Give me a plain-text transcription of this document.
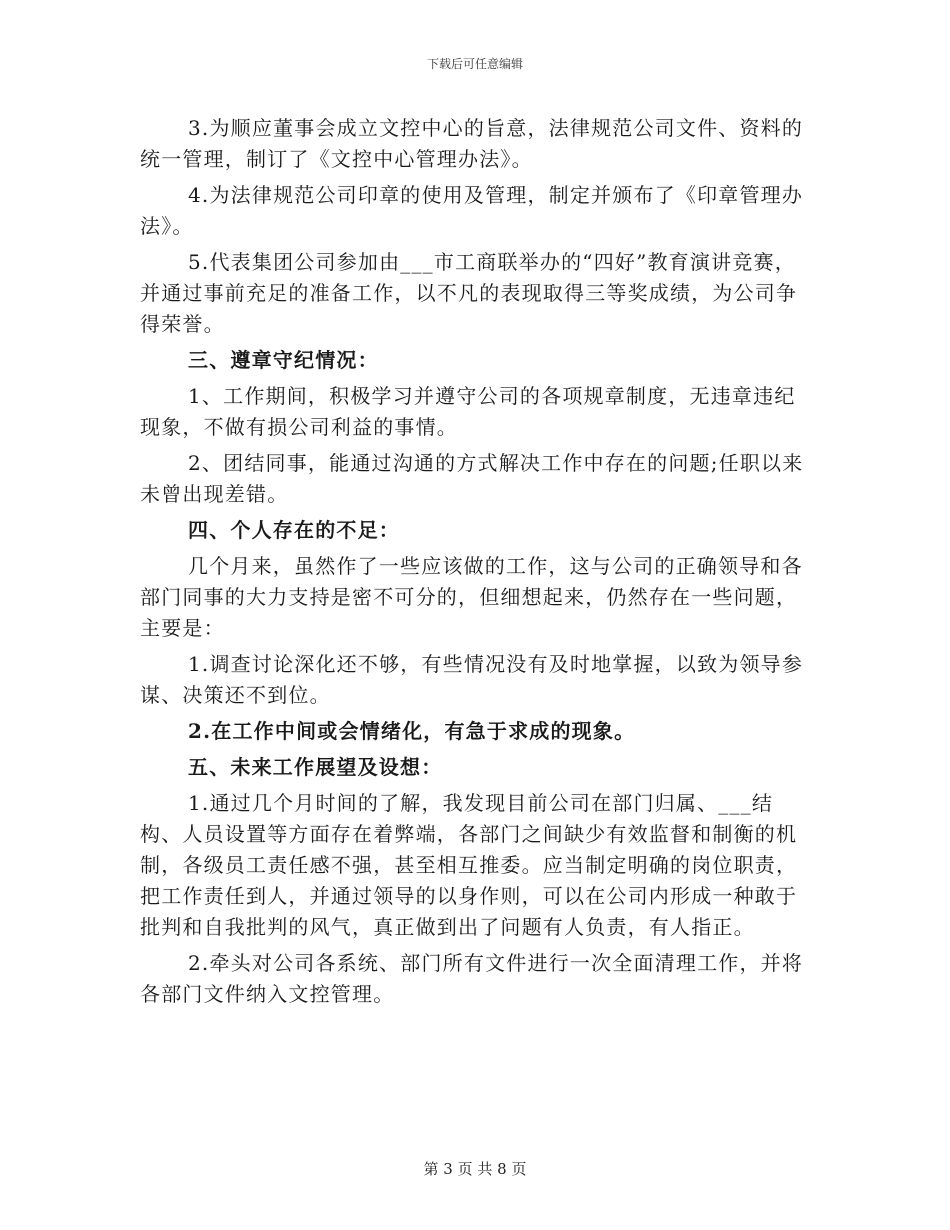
下载后可任意编辑

3.为顺应董事会成立文控中心的旨意，法律规范公司文件、资料的统一管理，制订了《文控中心管理办法》。

4.为法律规范公司印章的使用及管理，制定并颁布了《印章管理办法》。

5.代表集团公司参加由___市工商联举办的“四好”教育演讲竞赛，并通过事前充足的准备工作，以不凡的表现取得三等奖成绩，为公司争得荣誉。

三、遵章守纪情况：

1、工作期间，积极学习并遵守公司的各项规章制度，无违章违纪现象，不做有损公司利益的事情。

2、团结同事，能通过沟通的方式解决工作中存在的问题;任职以来未曾出现差错。

四、个人存在的不足：

几个月来，虽然作了一些应该做的工作，这与公司的正确领导和各部门同事的大力支持是密不可分的，但细想起来，仍然存在一些问题，主要是：

1.调查讨论深化还不够，有些情况没有及时地掌握，以致为领导参谋、决策还不到位。

2.在工作中间或会情绪化，有急于求成的现象。

五、未来工作展望及设想：

1.通过几个月时间的了解，我发现目前公司在部门归属、___结构、人员设置等方面存在着弊端，各部门之间缺少有效监督和制衡的机制，各级员工责任感不强，甚至相互推委。应当制定明确的岗位职责，把工作责任到人，并通过领导的以身作则，可以在公司内形成一种敢于批判和自我批判的风气，真正做到出了问题有人负责，有人指正。

2.牵头对公司各系统、部门所有文件进行一次全面清理工作，并将各部门文件纳入文控管理。

第 3 页 共 8 页
